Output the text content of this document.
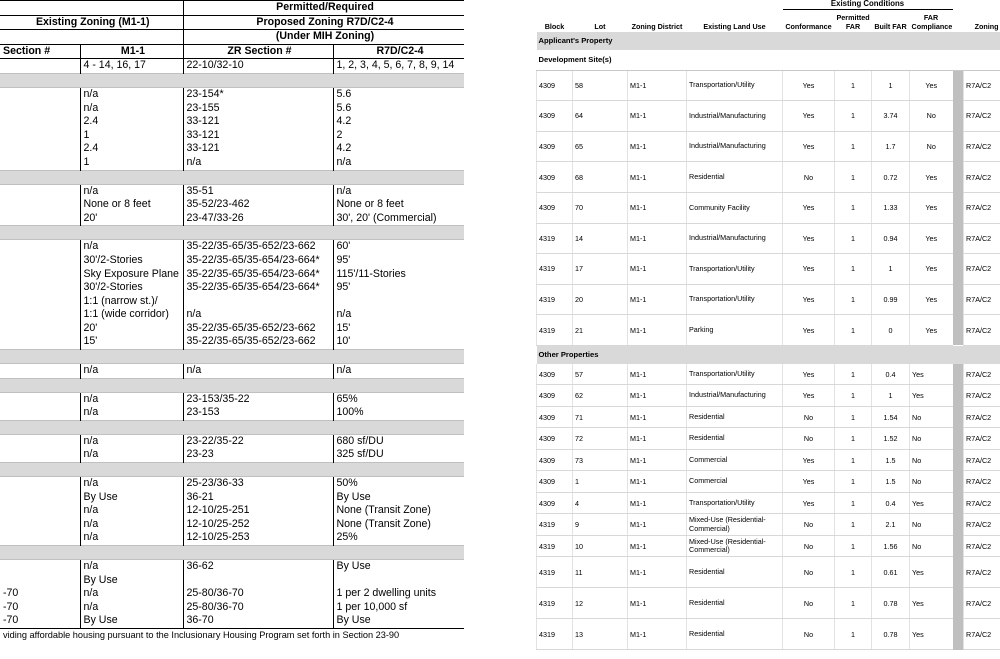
		Permitted/Required	
Existing Zoning (M1-1)		Proposed Zoning R7D/C2-4	
		(Under MIH Zoning)	
Section #	M1-1	ZR Section #	R7D/C2-4
	4 - 14, 16, 17	22-10/32-10	1, 2, 3, 4, 5, 6, 7, 8, 9, 14

	n/a	23-154*	5.6
	n/a	23-155	5.6
	2.4	33-121	4.2
	1	33-121	2
	2.4	33-121	4.2
	1	n/a	n/a

	n/a	35-51	n/a
	None or 8 feet	35-52/23-462	None or 8 feet
	20'	23-47/33-26	30', 20' (Commercial)

	n/a	35-22/35-65/35-652/23-662	60'
	30'/2-Stories	35-22/35-65/35-654/23-664*	95'
	Sky Exposure Plane	35-22/35-65/35-654/23-664*	115'/11-Stories
	30'/2-Stories	35-22/35-65/35-654/23-664*	95'
	1:1 (narrow st.)/		
	1:1 (wide corridor)	n/a	n/a
	20'	35-22/35-65/35-652/23-662	15'
	15'	35-22/35-65/35-652/23-662	10'

	n/a	n/a	n/a

	n/a	23-153/35-22	65%
	n/a	23-153	100%

	n/a	23-22/35-22	680 sf/DU
	n/a	23-23	325 sf/DU

	n/a	25-23/36-33	50%
	By Use	36-21	By Use
	n/a	12-10/25-251	None (Transit Zone)
	n/a	12-10/25-252	None (Transit Zone)
	n/a	12-10/25-253	25%

	n/a	36-62	By Use
	By Use		
-70	n/a	25-80/36-70	1 per 2 dwelling units
-70	n/a	25-80/36-70	1 per 10,000 sf
-70	By Use	36-70	By Use
viding affordable housing pursuant to the Inclusionary Housing Program set forth in Section 23-90			
				Existing Conditions					
Block	Lot	Zoning District	Existing Land Use	Conformance	Permitted FAR	Built FAR	FAR Compliance	Zoning	
Applicant's Property									
Development Site(s)									
4309	58	M1-1	Transportation/Utility	Yes	1	1	Yes		R7A/C2
4309	64	M1-1	Industrial/Manufacturing	Yes	1	3.74	No		R7A/C2
4309	65	M1-1	Industrial/Manufacturing	Yes	1	1.7	No		R7A/C2
4309	68	M1-1	Residential	No	1	0.72	Yes		R7A/C2
4309	70	M1-1	Community Facility	Yes	1	1.33	Yes		R7A/C2
4319	14	M1-1	Industrial/Manufacturing	Yes	1	0.94	Yes		R7A/C2
4319	17	M1-1	Transportation/Utility	Yes	1	1	Yes		R7A/C2
4319	20	M1-1	Transportation/Utility	Yes	1	0.99	Yes		R7A/C2
4319	21	M1-1	Parking	Yes	1	0	Yes		R7A/C2
Other Properties									
4309	57	M1-1	Transportation/Utility	Yes	1	0.4	Yes		R7A/C2
4309	62	M1-1	Industrial/Manufacturing	Yes	1	1	Yes		R7A/C2
4309	71	M1-1	Residential	No	1	1.54	No		R7A/C2
4309	72	M1-1	Residential	No	1	1.52	No		R7A/C2
4309	73	M1-1	Commercial	Yes	1	1.5	No		R7A/C2
4309	1	M1-1	Commercial	Yes	1	1.5	No		R7A/C2
4309	4	M1-1	Transportation/Utility	Yes	1	0.4	Yes		R7A/C2
4319	9	M1-1	Mixed-Use (Residential-Commercial)	No	1	2.1	No		R7A/C2
4319	10	M1-1	Mixed-Use (Residential-Commercial)	No	1	1.56	No		R7A/C2
4319	11	M1-1	Residential	No	1	0.61	Yes		R7A/C2
4319	12	M1-1	Residential	No	1	0.78	Yes		R7A/C2
4319	13	M1-1	Residential	No	1	0.78	Yes		R7A/C2
